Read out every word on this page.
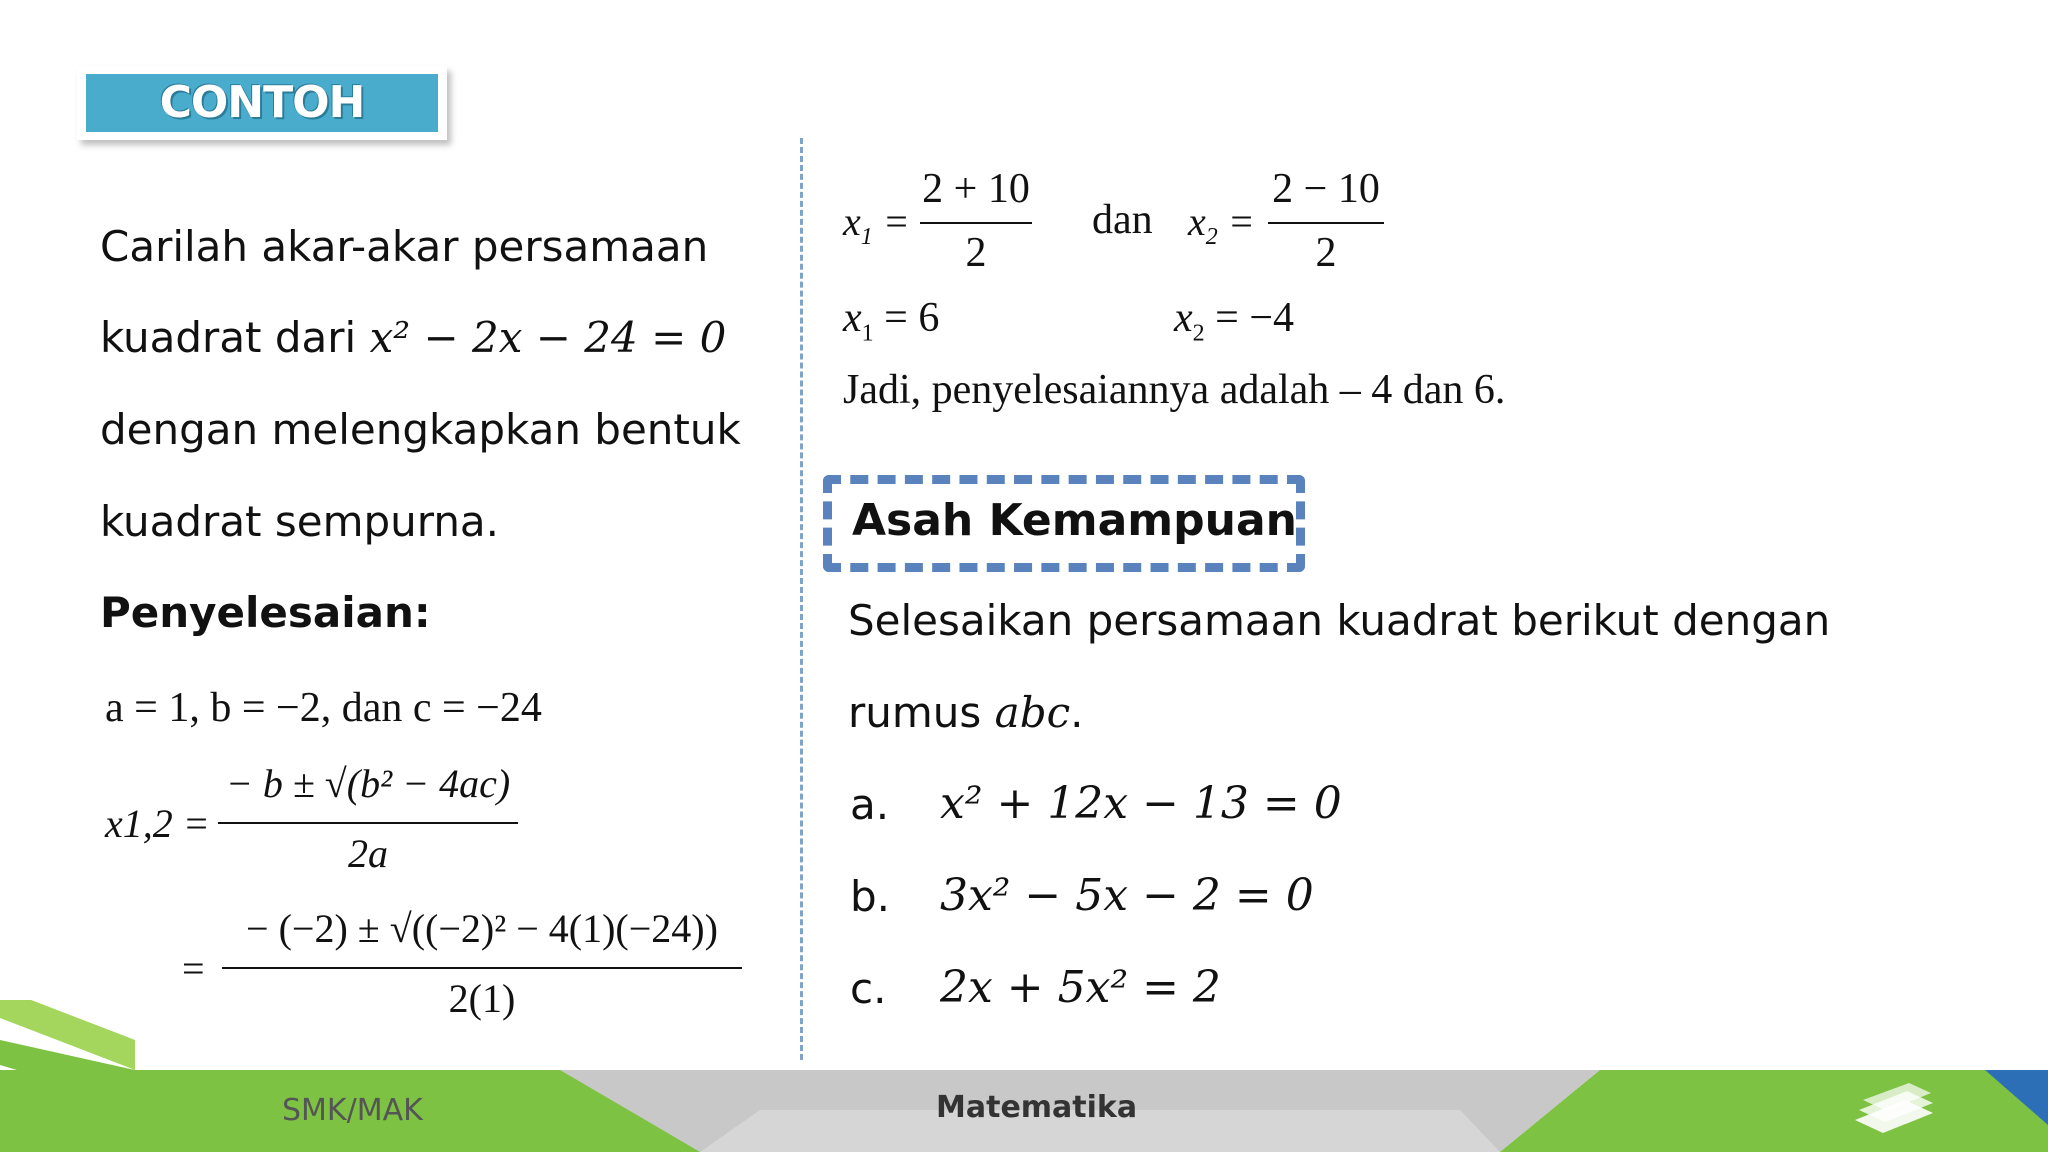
CONTOH
Carilah akar-akar persamaan
kuadrat dari x² − 2x − 24 = 0
dengan melengkapkan bentuk
kuadrat sempurna.
Penyelesaian:
a = 1, b = −2, dan c = −24
x1,2 =
− b ± √(b² − 4ac)
2a
=
− (−2) ± √((−2)² − 4(1)(−24))
2(1)
$x_1$ =
2 + 10
2
dan $x_2$ =
2 − 10
2
$x_1 = 6$	$x_2 = -4$
Jadi, penyelesaiannya adalah – 4 dan 6.
Asah Kemampuan
Selesaikan persamaan kuadrat berikut dengan
rumus abc.
a. x² + 12x − 13 = 0
b. 3x² − 5x − 2 = 0
c. 2x + 5x² = 2
SMK/MAK	Matematika
